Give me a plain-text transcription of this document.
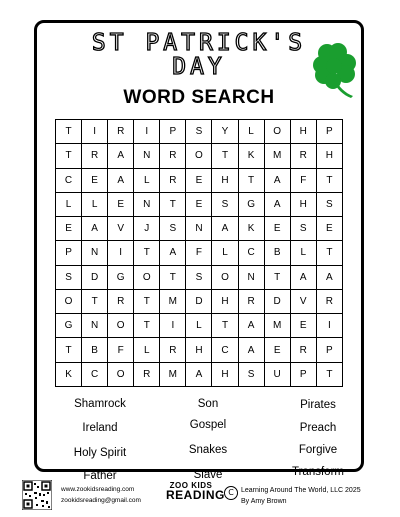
ST PATRICK'S
DAY
WORD SEARCH
T	I	R	I	P	S	Y	L	O	H	P
T	R	A	N	R	O	T	K	M	R	H
C	E	A	L	R	E	H	T	A	F	T
L	L	E	N	T	E	S	G	A	H	S
E	A	V	J	S	N	A	K	E	S	E
P	N	I	T	A	F	L	C	B	L	T
S	D	G	O	T	S	O	N	T	A	A
O	T	R	T	M	D	H	R	D	V	R
G	N	O	T	I	L	T	A	M	E	I
T	B	F	L	R	H	C	A	E	R	P
K	C	O	R	M	A	H	S	U	P	T
Shamrock	Son	Pirates
Ireland	Gospel	Preach
Holy Spirit	Snakes	Forgive
Father	Slave	Transform
www.zookidsreading.com
zookidsreading@gmail.com
ZOO KIDS
READING C	Learning Around The World, LLC 2025
By Amy Brown
